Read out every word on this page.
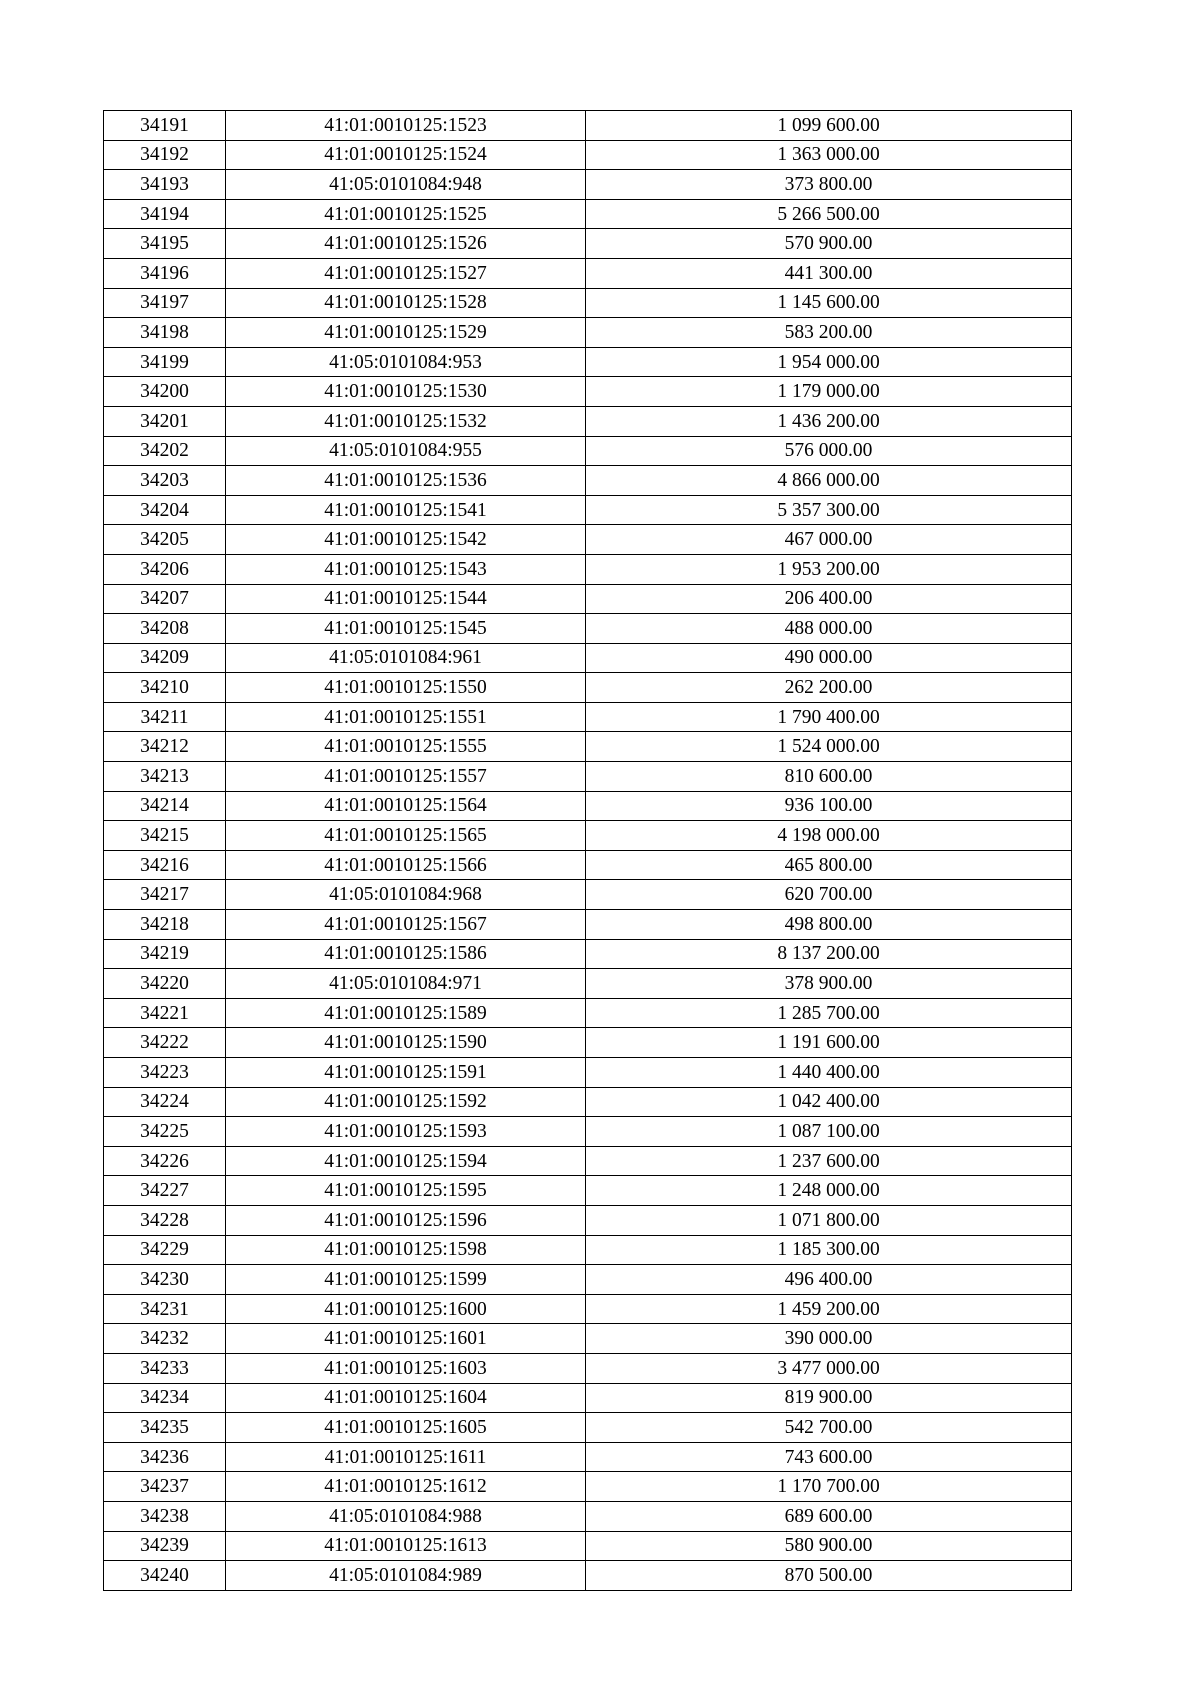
34191	41:01:0010125:1523	1 099 600.00
34192	41:01:0010125:1524	1 363 000.00
34193	41:05:0101084:948	373 800.00
34194	41:01:0010125:1525	5 266 500.00
34195	41:01:0010125:1526	570 900.00
34196	41:01:0010125:1527	441 300.00
34197	41:01:0010125:1528	1 145 600.00
34198	41:01:0010125:1529	583 200.00
34199	41:05:0101084:953	1 954 000.00
34200	41:01:0010125:1530	1 179 000.00
34201	41:01:0010125:1532	1 436 200.00
34202	41:05:0101084:955	576 000.00
34203	41:01:0010125:1536	4 866 000.00
34204	41:01:0010125:1541	5 357 300.00
34205	41:01:0010125:1542	467 000.00
34206	41:01:0010125:1543	1 953 200.00
34207	41:01:0010125:1544	206 400.00
34208	41:01:0010125:1545	488 000.00
34209	41:05:0101084:961	490 000.00
34210	41:01:0010125:1550	262 200.00
34211	41:01:0010125:1551	1 790 400.00
34212	41:01:0010125:1555	1 524 000.00
34213	41:01:0010125:1557	810 600.00
34214	41:01:0010125:1564	936 100.00
34215	41:01:0010125:1565	4 198 000.00
34216	41:01:0010125:1566	465 800.00
34217	41:05:0101084:968	620 700.00
34218	41:01:0010125:1567	498 800.00
34219	41:01:0010125:1586	8 137 200.00
34220	41:05:0101084:971	378 900.00
34221	41:01:0010125:1589	1 285 700.00
34222	41:01:0010125:1590	1 191 600.00
34223	41:01:0010125:1591	1 440 400.00
34224	41:01:0010125:1592	1 042 400.00
34225	41:01:0010125:1593	1 087 100.00
34226	41:01:0010125:1594	1 237 600.00
34227	41:01:0010125:1595	1 248 000.00
34228	41:01:0010125:1596	1 071 800.00
34229	41:01:0010125:1598	1 185 300.00
34230	41:01:0010125:1599	496 400.00
34231	41:01:0010125:1600	1 459 200.00
34232	41:01:0010125:1601	390 000.00
34233	41:01:0010125:1603	3 477 000.00
34234	41:01:0010125:1604	819 900.00
34235	41:01:0010125:1605	542 700.00
34236	41:01:0010125:1611	743 600.00
34237	41:01:0010125:1612	1 170 700.00
34238	41:05:0101084:988	689 600.00
34239	41:01:0010125:1613	580 900.00
34240	41:05:0101084:989	870 500.00
